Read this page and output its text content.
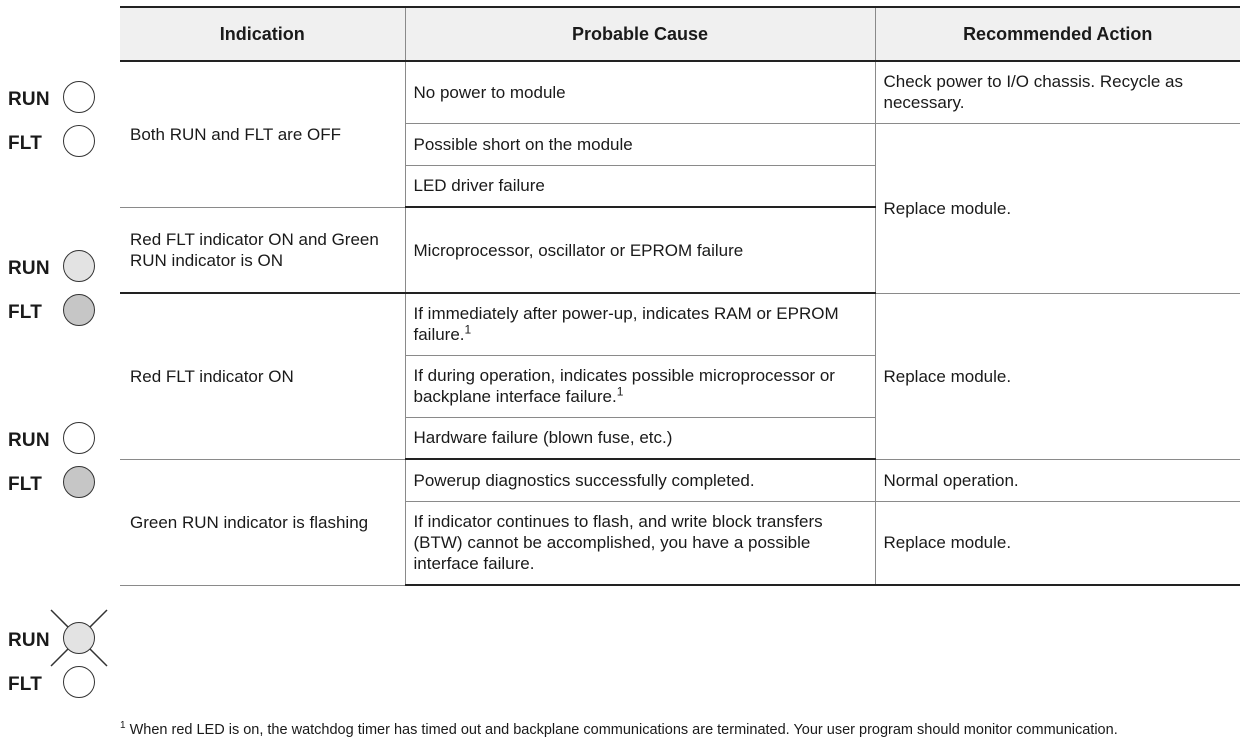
RUN
FLT
RUN
FLT
RUN
FLT
RUN
FLT
Indication	Probable Cause	Recommended Action
Both RUN and FLT are OFF	No power to module	Check power to I/O chassis. Recycle as necessary.
	Possible short on the module	Replace module.
	LED driver failure	
Red FLT indicator ON and Green RUN indicator is ON	Microprocessor, oscillator or EPROM failure	
Red FLT indicator ON	If immediately after power-up, indicates RAM or EPROM failure.$^1$	Replace module.
	If during operation, indicates possible microprocessor or backplane interface failure.$^1$
	Hardware failure (blown fuse, etc.)	
Green RUN indicator is flashing	Powerup diagnostics successfully completed.	Normal operation.
	If indicator continues to flash, and write block transfers (BTW) cannot be accomplished, you have a possible interface failure.	Replace module.
$^1$ When red LED is on, the watchdog timer has timed out and backplane communications are terminated. Your user program should monitor communication.
